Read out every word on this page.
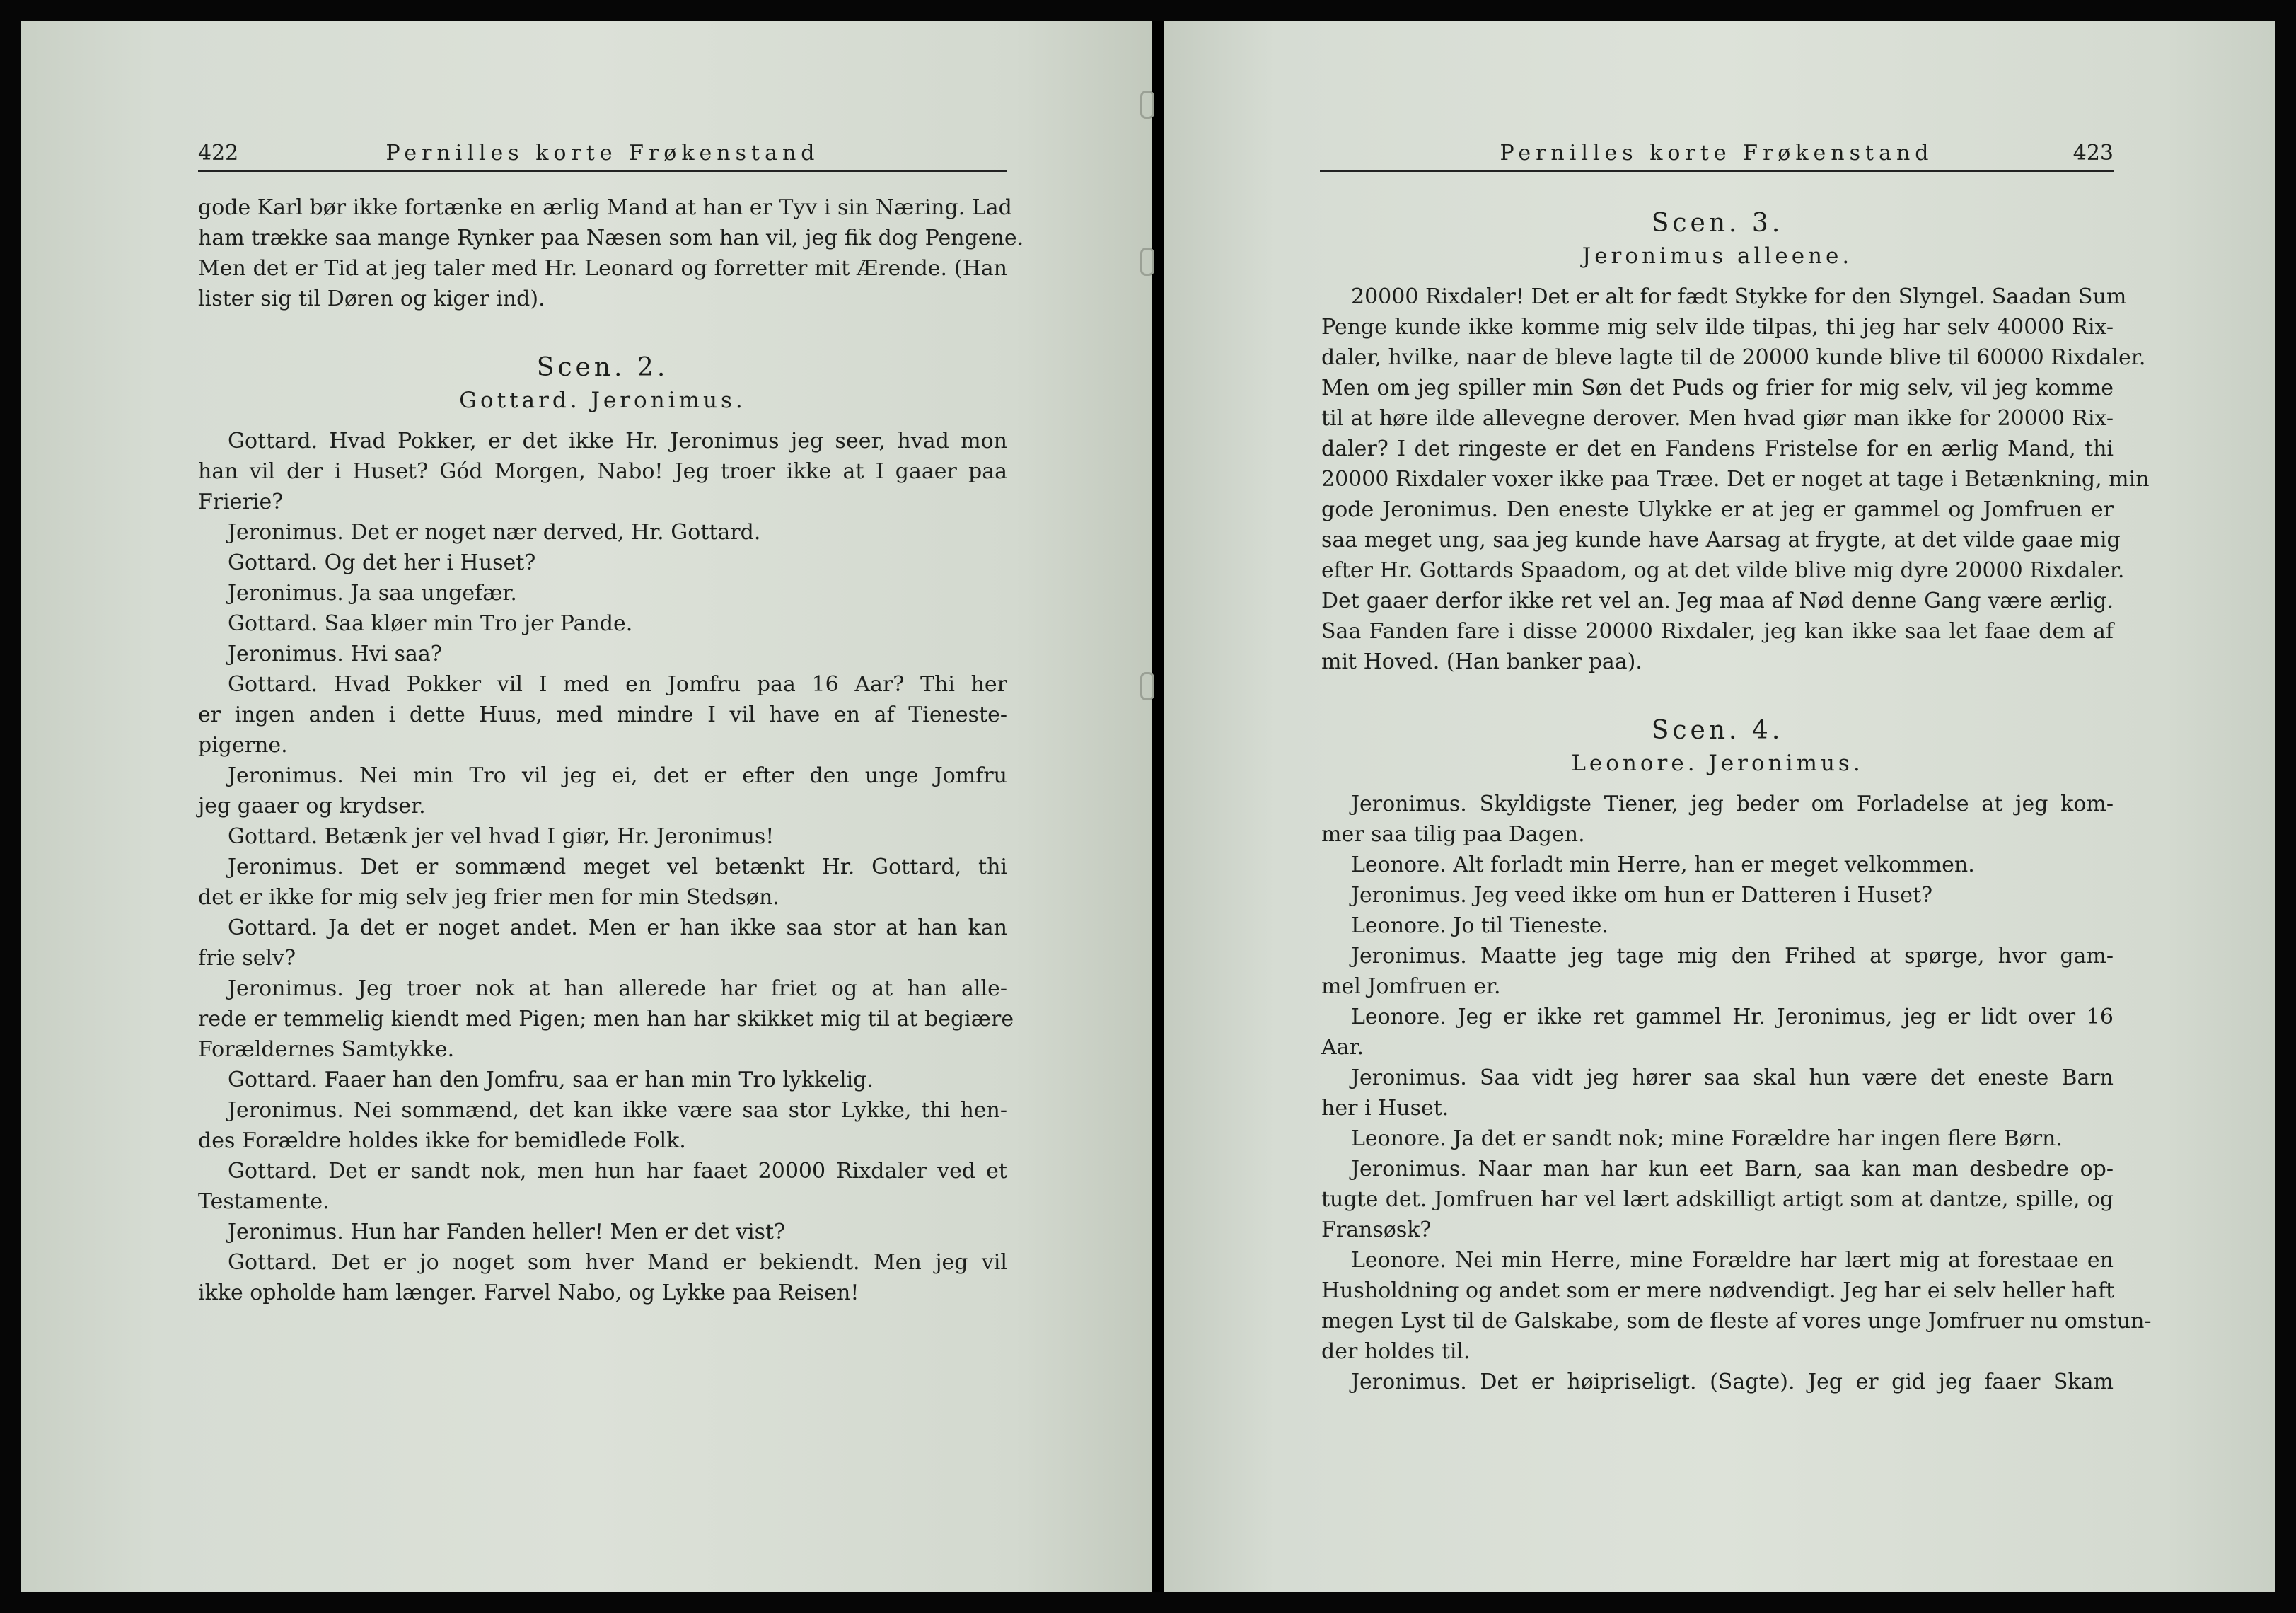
422	Pernilles korte Frøkenstand

gode Karl bør ikke fortænke en ærlig Mand at han er Tyv i sin Næring. Lad

ham trække saa mange Rynker paa Næsen som han vil, jeg fik dog Pengene.

Men det er Tid at jeg taler med Hr. Leonard og forretter mit Ærende. (Han

lister sig til Døren og kiger ind).

Scen. 2.

Gottard. Jeronimus.

Gottard. Hvad Pokker, er det ikke Hr. Jeronimus jeg seer, hvad mon

han vil der i Huset? Gód Morgen, Nabo! Jeg troer ikke at I gaaer paa

Frierie?

Jeronimus. Det er noget nær derved, Hr. Gottard.

Gottard. Og det her i Huset?

Jeronimus. Ja saa ungefær.

Gottard. Saa kløer min Tro jer Pande.

Jeronimus. Hvi saa?

Gottard. Hvad Pokker vil I med en Jomfru paa 16 Aar? Thi her

er ingen anden i dette Huus, med mindre I vil have en af Tieneste-

pigerne.

Jeronimus. Nei min Tro vil jeg ei, det er efter den unge Jomfru

jeg gaaer og krydser.

Gottard. Betænk jer vel hvad I giør, Hr. Jeronimus!

Jeronimus. Det er sommænd meget vel betænkt Hr. Gottard, thi

det er ikke for mig selv jeg frier men for min Stedsøn.

Gottard. Ja det er noget andet. Men er han ikke saa stor at han kan

frie selv?

Jeronimus. Jeg troer nok at han allerede har friet og at han alle-

rede er temmelig kiendt med Pigen; men han har skikket mig til at begiære

Forældernes Samtykke.

Gottard. Faaer han den Jomfru, saa er han min Tro lykkelig.

Jeronimus. Nei sommænd, det kan ikke være saa stor Lykke, thi hen-

des Forældre holdes ikke for bemidlede Folk.

Gottard. Det er sandt nok, men hun har faaet 20000 Rixdaler ved et

Testamente.

Jeronimus. Hun har Fanden heller! Men er det vist?

Gottard. Det er jo noget som hver Mand er bekiendt. Men jeg vil

ikke opholde ham længer. Farvel Nabo, og Lykke paa Reisen!

Pernilles korte Frøkenstand	423

Scen. 3.

Jeronimus alleene.

20000 Rixdaler! Det er alt for fædt Stykke for den Slyngel. Saadan Sum

Penge kunde ikke komme mig selv ilde tilpas, thi jeg har selv 40000 Rix-

daler, hvilke, naar de bleve lagte til de 20000 kunde blive til 60000 Rixdaler.

Men om jeg spiller min Søn det Puds og frier for mig selv, vil jeg komme

til at høre ilde allevegne derover. Men hvad giør man ikke for 20000 Rix-

daler? I det ringeste er det en Fandens Fristelse for en ærlig Mand, thi

20000 Rixdaler voxer ikke paa Træe. Det er noget at tage i Betænkning, min

gode Jeronimus. Den eneste Ulykke er at jeg er gammel og Jomfruen er

saa meget ung, saa jeg kunde have Aarsag at frygte, at det vilde gaae mig

efter Hr. Gottards Spaadom, og at det vilde blive mig dyre 20000 Rixdaler.

Det gaaer derfor ikke ret vel an. Jeg maa af Nød denne Gang være ærlig.

Saa Fanden fare i disse 20000 Rixdaler, jeg kan ikke saa let faae dem af

mit Hoved. (Han banker paa).

Scen. 4.

Leonore. Jeronimus.

Jeronimus. Skyldigste Tiener, jeg beder om Forladelse at jeg kom-

mer saa tilig paa Dagen.

Leonore. Alt forladt min Herre, han er meget velkommen.

Jeronimus. Jeg veed ikke om hun er Datteren i Huset?

Leonore. Jo til Tieneste.

Jeronimus. Maatte jeg tage mig den Frihed at spørge, hvor gam-

mel Jomfruen er.

Leonore. Jeg er ikke ret gammel Hr. Jeronimus, jeg er lidt over 16

Aar.

Jeronimus. Saa vidt jeg hører saa skal hun være det eneste Barn

her i Huset.

Leonore. Ja det er sandt nok; mine Forældre har ingen flere Børn.

Jeronimus. Naar man har kun eet Barn, saa kan man desbedre op-

tugte det. Jomfruen har vel lært adskilligt artigt som at dantze, spille, og

Fransøsk?

Leonore. Nei min Herre, mine Forældre har lært mig at forestaae en

Husholdning og andet som er mere nødvendigt. Jeg har ei selv heller haft

megen Lyst til de Galskabe, som de fleste af vores unge Jomfruer nu omstun-

der holdes til.

Jeronimus. Det er høipriseligt. (Sagte). Jeg er gid jeg faaer Skam
